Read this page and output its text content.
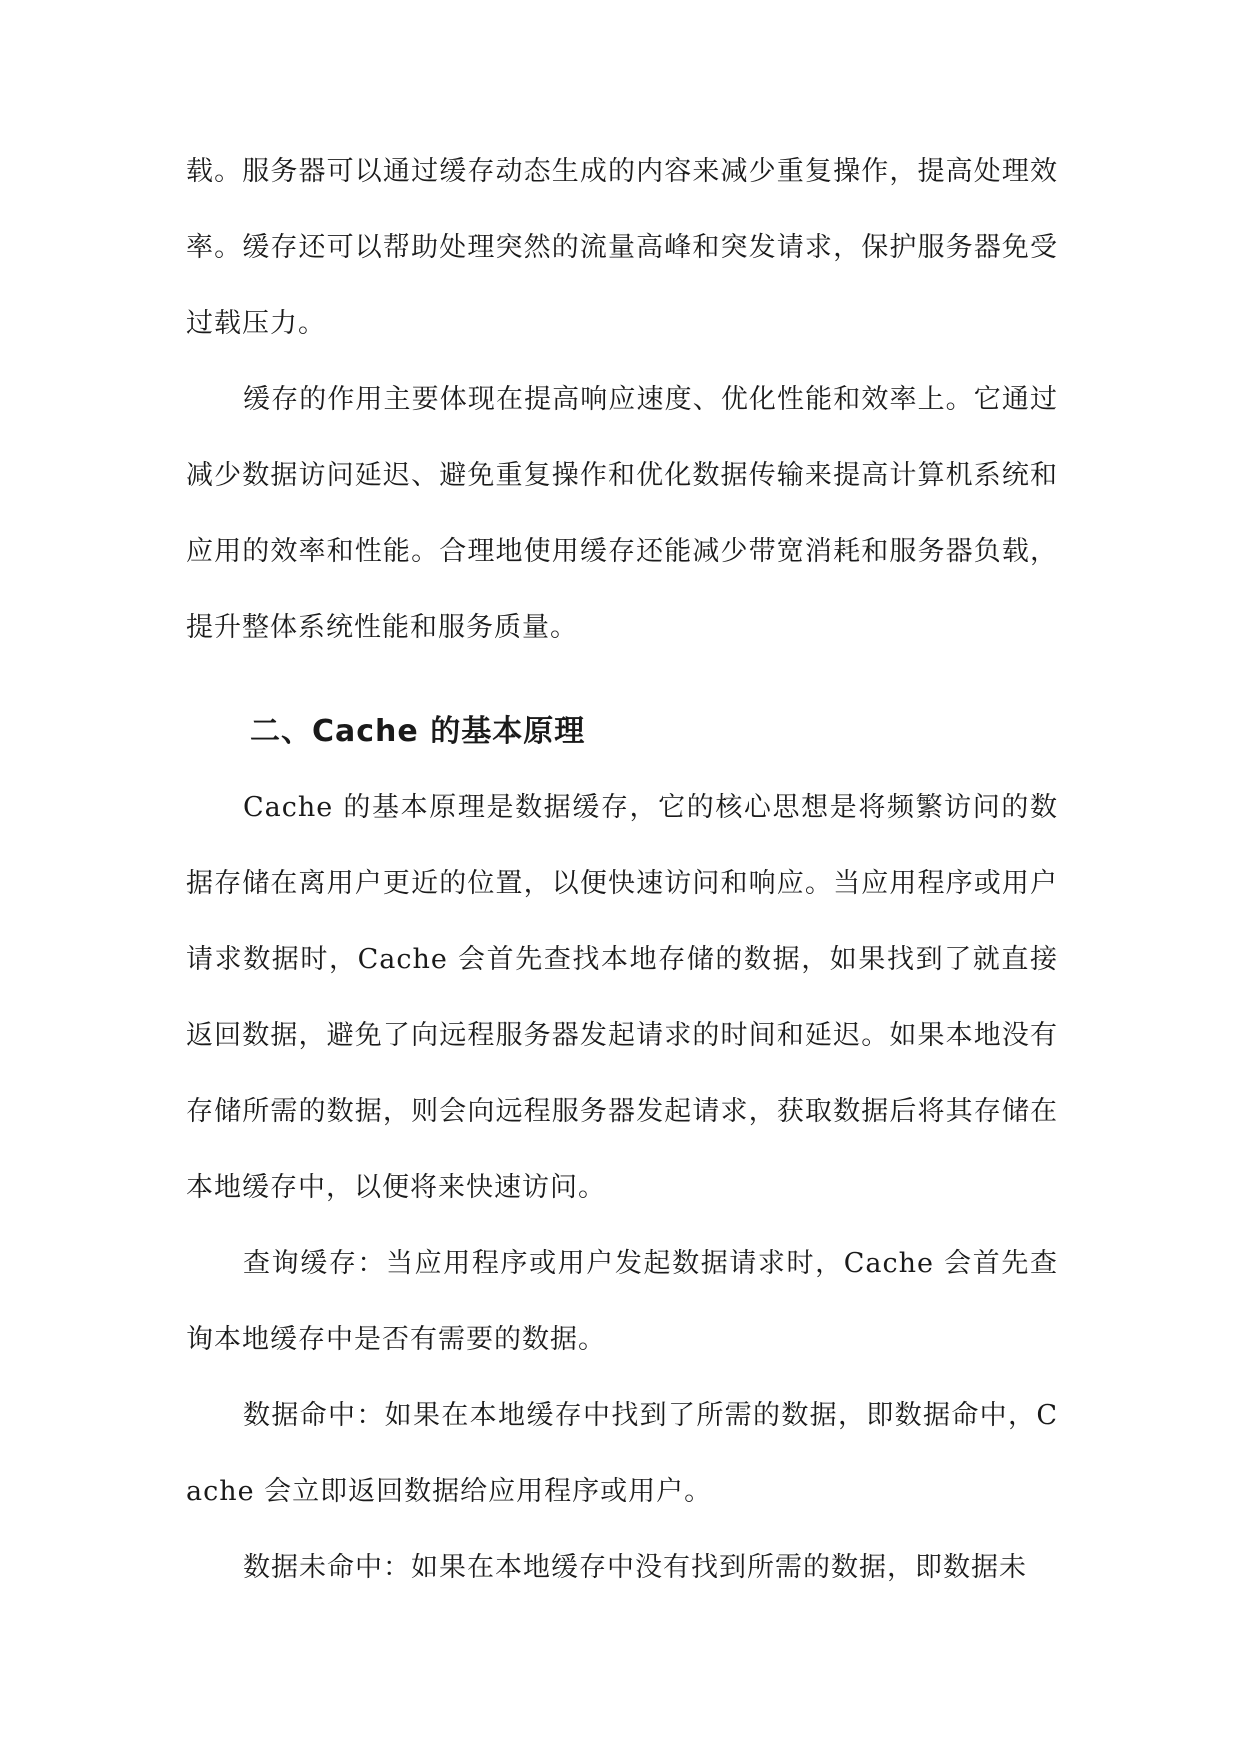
载。服务器可以通过缓存动态生成的内容来减少重复操作，提高处理效率。缓存还可以帮助处理突然的流量高峰和突发请求，保护服务器免受过载压力。

缓存的作用主要体现在提高响应速度、优化性能和效率上。它通过减少数据访问延迟、避免重复操作和优化数据传输来提高计算机系统和应用的效率和性能。合理地使用缓存还能减少带宽消耗和服务器负载，提升整体系统性能和服务质量。

二、Cache 的基本原理

Cache 的基本原理是数据缓存，它的核心思想是将频繁访问的数据存储在离用户更近的位置，以便快速访问和响应。当应用程序或用户请求数据时，Cache 会首先查找本地存储的数据，如果找到了就直接返回数据，避免了向远程服务器发起请求的时间和延迟。如果本地没有存储所需的数据，则会向远程服务器发起请求，获取数据后将其存储在本地缓存中，以便将来快速访问。

查询缓存：当应用程序或用户发起数据请求时，Cache 会首先查询本地缓存中是否有需要的数据。

数据命中：如果在本地缓存中找到了所需的数据，即数据命中，Cache 会立即返回数据给应用程序或用户。

数据未命中：如果在本地缓存中没有找到所需的数据，即数据未
